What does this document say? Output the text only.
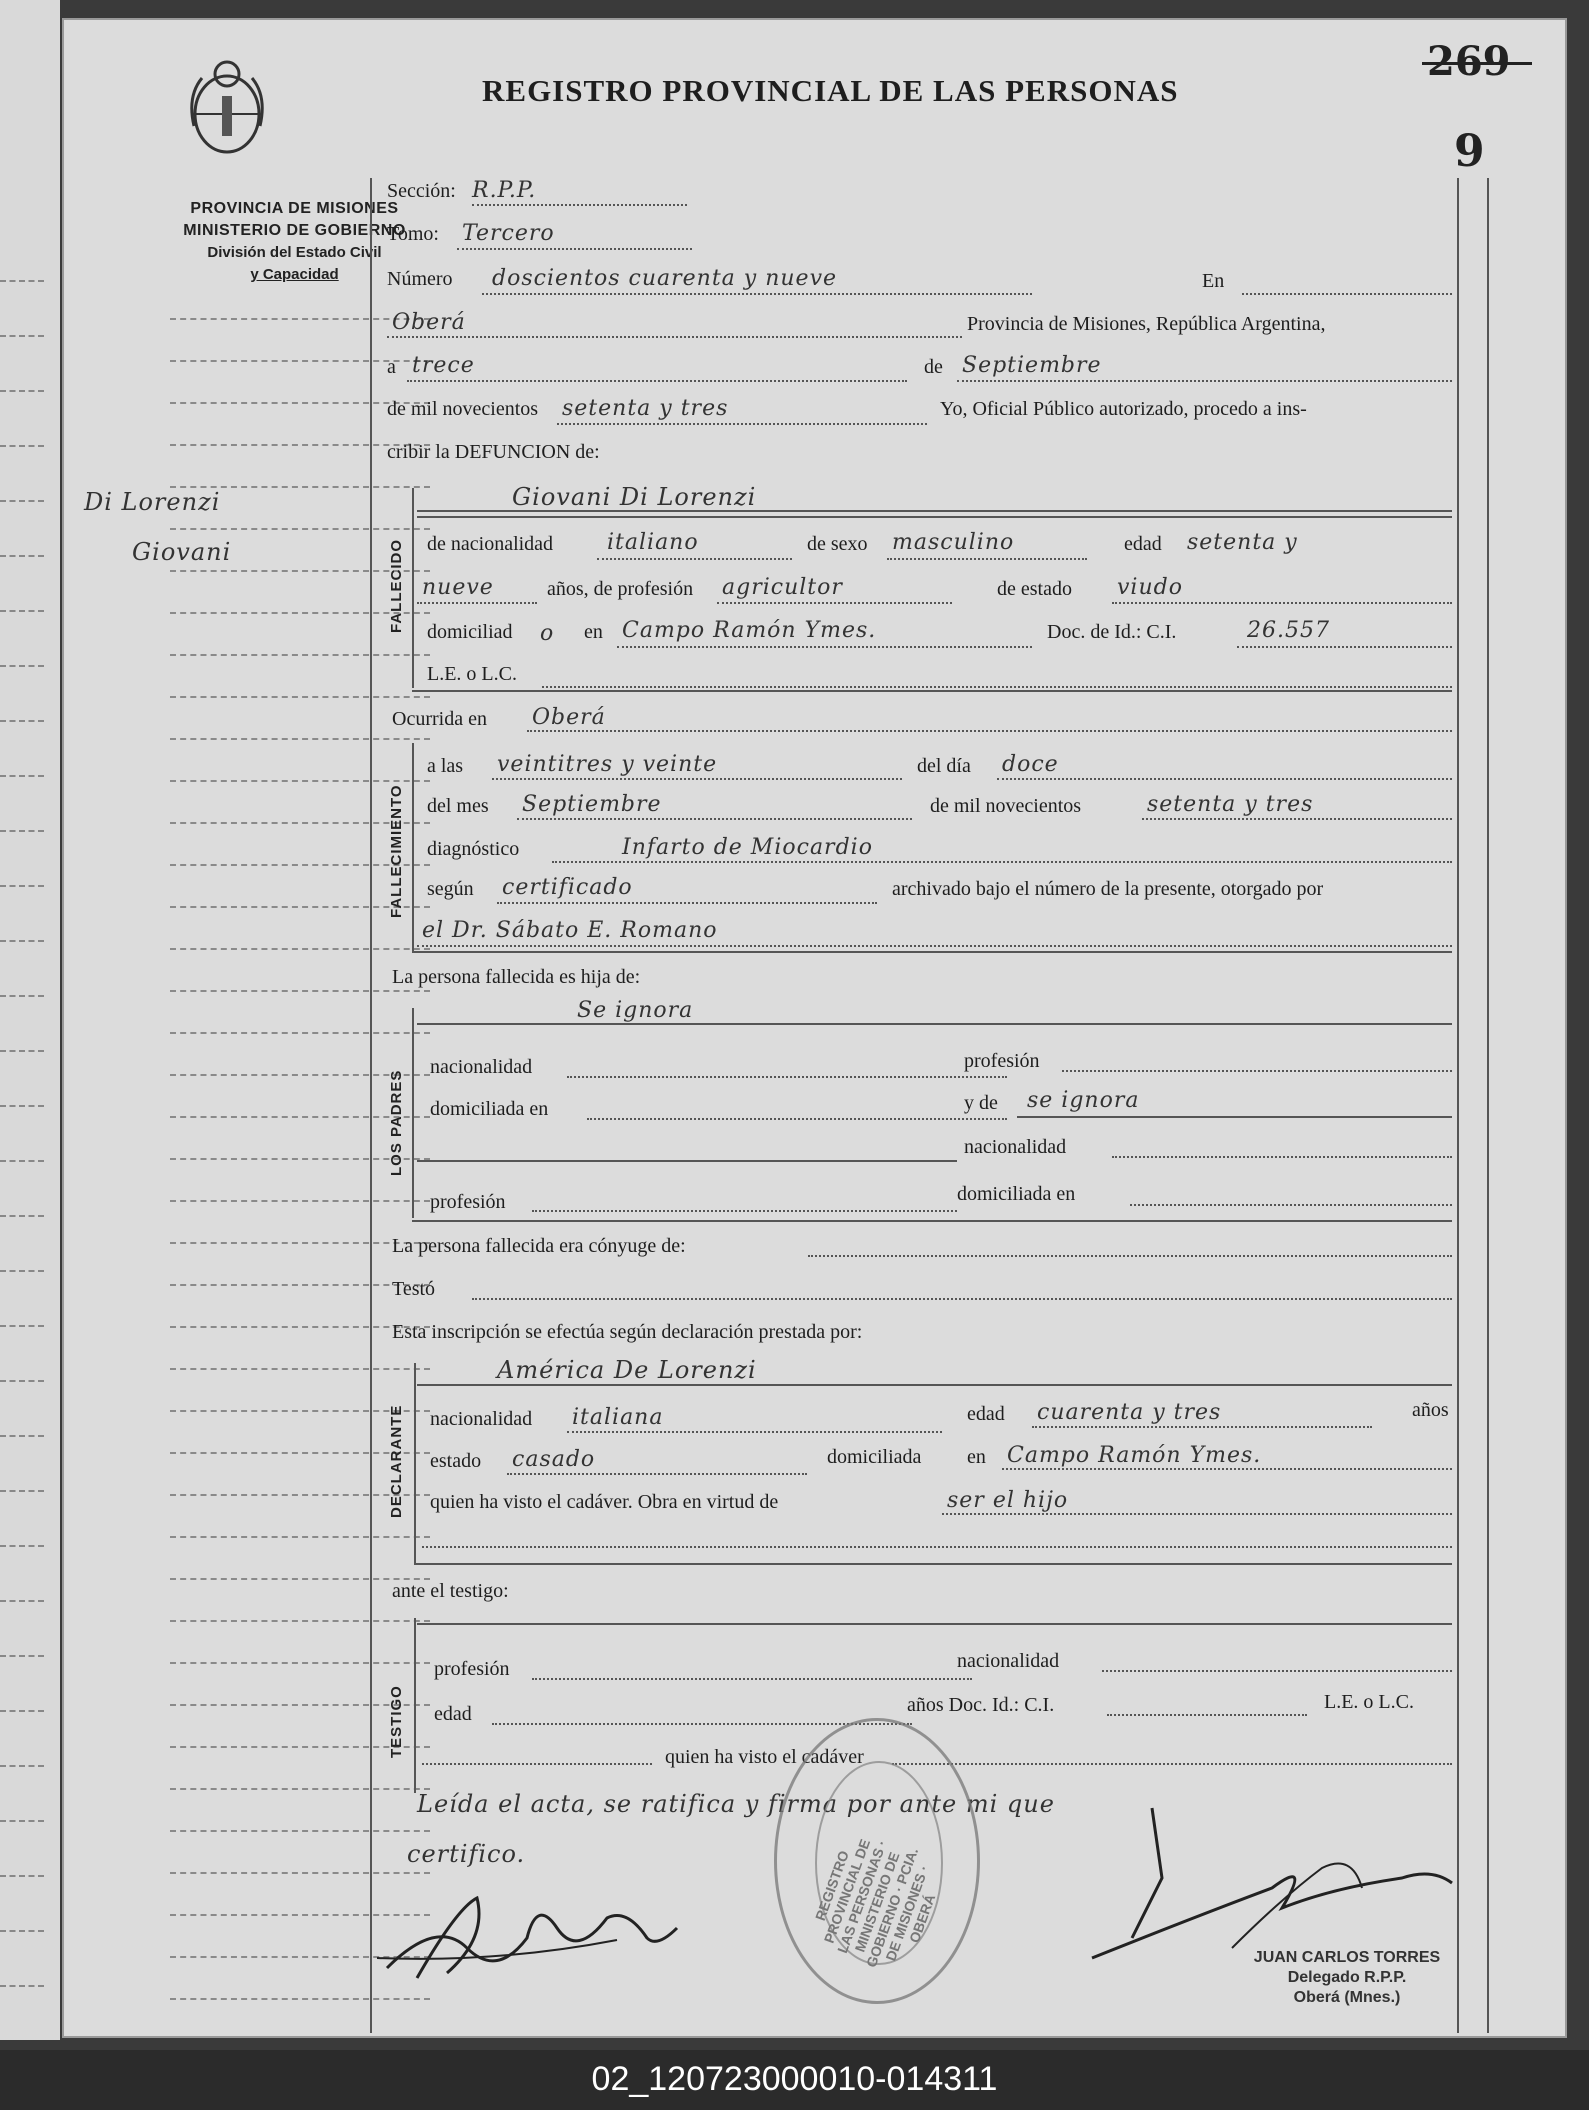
REGISTRO PROVINCIAL DE LAS PERSONAS
269
9
PROVINCIA DE MISIONES
MINISTERIO DE GOBIERNO
División del Estado Civil
y Capacidad
Di Lorenzi
Giovani
Sección: R.P.P.
Tomo: Tercero
Número doscientos cuarenta y nueve	En
Oberá	Provincia de Misiones, República Argentina,
a trece	de Septiembre
de mil novecientos setenta y tres	Yo, Oficial Público autorizado, procedo a ins-
cribir la DEFUNCION de:
FALLECIDO
Giovani Di Lorenzi
de nacionalidad italiano	de sexo masculino	edad setenta y
nueve	años, de profesión agricultor	de estado viudo
domiciliad o en Campo Ramón Ymes.	Doc. de Id.: C.I.	26.557
L.E. o L.C.
Ocurrida en Oberá
FALLECIMIENTO
a las veintitres y veinte	del día doce
del mes Septiembre	de mil novecientos	setenta y tres
diagnóstico	Infarto de Miocardio
según certificado	archivado bajo el número de la presente, otorgado por
el Dr. Sábato E. Romano
La persona fallecida es hija de:
LOS PADRES
Se ignora
nacionalidad	profesión
domiciliada en	y de se ignora
nacionalidad
profesión	domiciliada en
La persona fallecida era cónyuge de:
Testó
Esta inscripción se efectúa según declaración prestada por:
DECLARANTE
América De Lorenzi
nacionalidad italiana	edad cuarenta y tres	años
estado casado	domiciliada en Campo Ramón Ymes.
quien ha visto el cadáver. Obra en virtud de	ser el hijo
ante el testigo:
TESTIGO
profesión	nacionalidad
edad	años Doc. Id.: C.I.	L.E. o L.C.
quien ha visto el cadáver
Leída el acta, se ratifica y firma por ante mi que
certifico.	REGISTRO PROVINCIAL DE LAS PERSONAS · MINISTERIO DE GOBIERNO · PCIA. DE MISIONES · OBERÁ
JUAN CARLOS TORRES
Delegado R.P.P.
Oberá (Mnes.)
02_120723000010-014311
